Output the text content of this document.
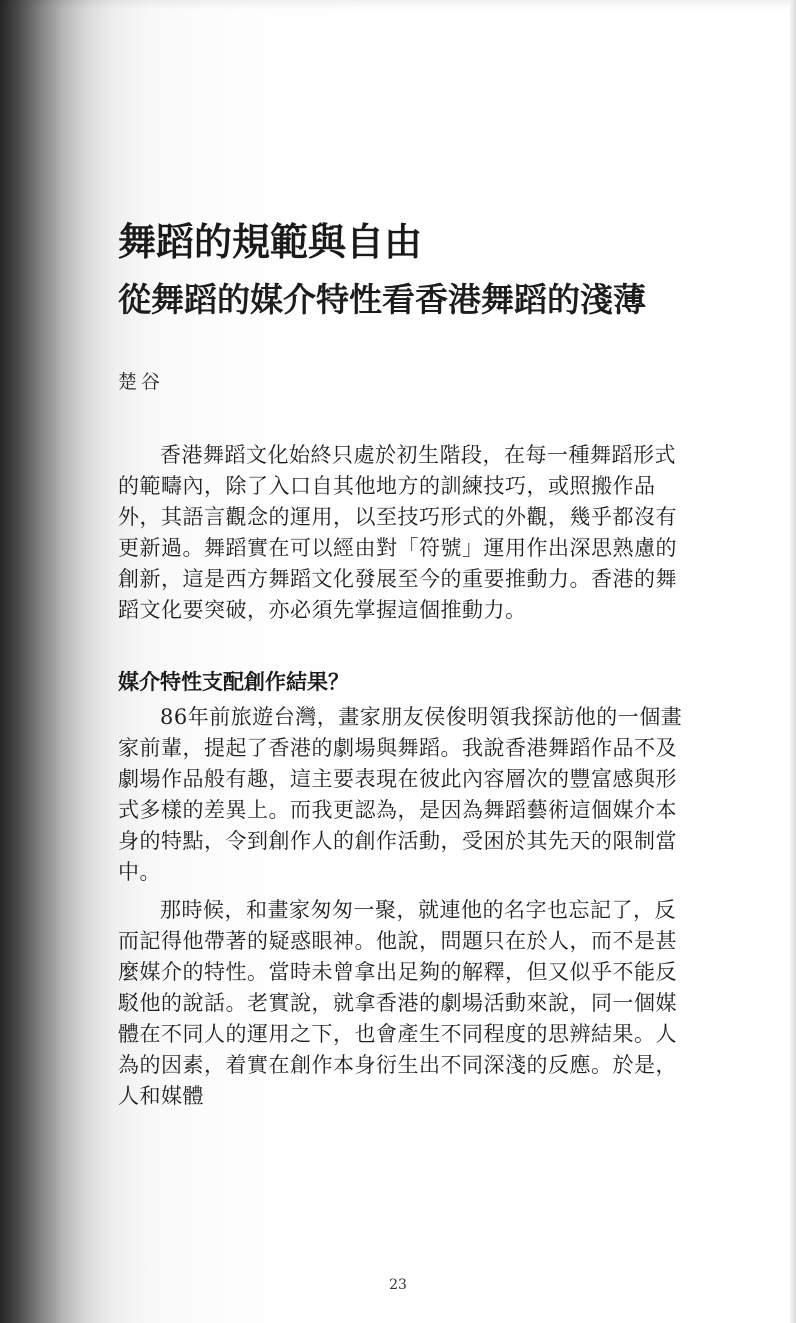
舞蹈的規範與自由
從舞蹈的媒介特性看香港舞蹈的淺薄

楚谷

香港舞蹈文化始終只處於初生階段，在每一種舞蹈形式的範疇內，除了入口自其他地方的訓練技巧，或照搬作品外，其語言觀念的運用，以至技巧形式的外觀，幾乎都沒有更新過。舞蹈實在可以經由對「符號」運用作出深思熟慮的創新，這是西方舞蹈文化發展至今的重要推動力。香港的舞蹈文化要突破，亦必須先掌握這個推動力。

媒介特性支配創作結果？

86年前旅遊台灣，畫家朋友侯俊明領我探訪他的一個畫家前輩，提起了香港的劇場與舞蹈。我說香港舞蹈作品不及劇場作品般有趣，這主要表現在彼此內容層次的豐富感與形式多樣的差異上。而我更認為，是因為舞蹈藝術這個媒介本身的特點，令到創作人的創作活動，受困於其先天的限制當中。

那時候，和畫家匆匆一聚，就連他的名字也忘記了，反而記得他帶著的疑惑眼神。他說，問題只在於人，而不是甚麼媒介的特性。當時未曾拿出足夠的解釋，但又似乎不能反駁他的說話。老實說，就拿香港的劇場活動來說，同一個媒體在不同人的運用之下，也會產生不同程度的思辨結果。人為的因素，着實在創作本身衍生出不同深淺的反應。於是，人和媒體

23
